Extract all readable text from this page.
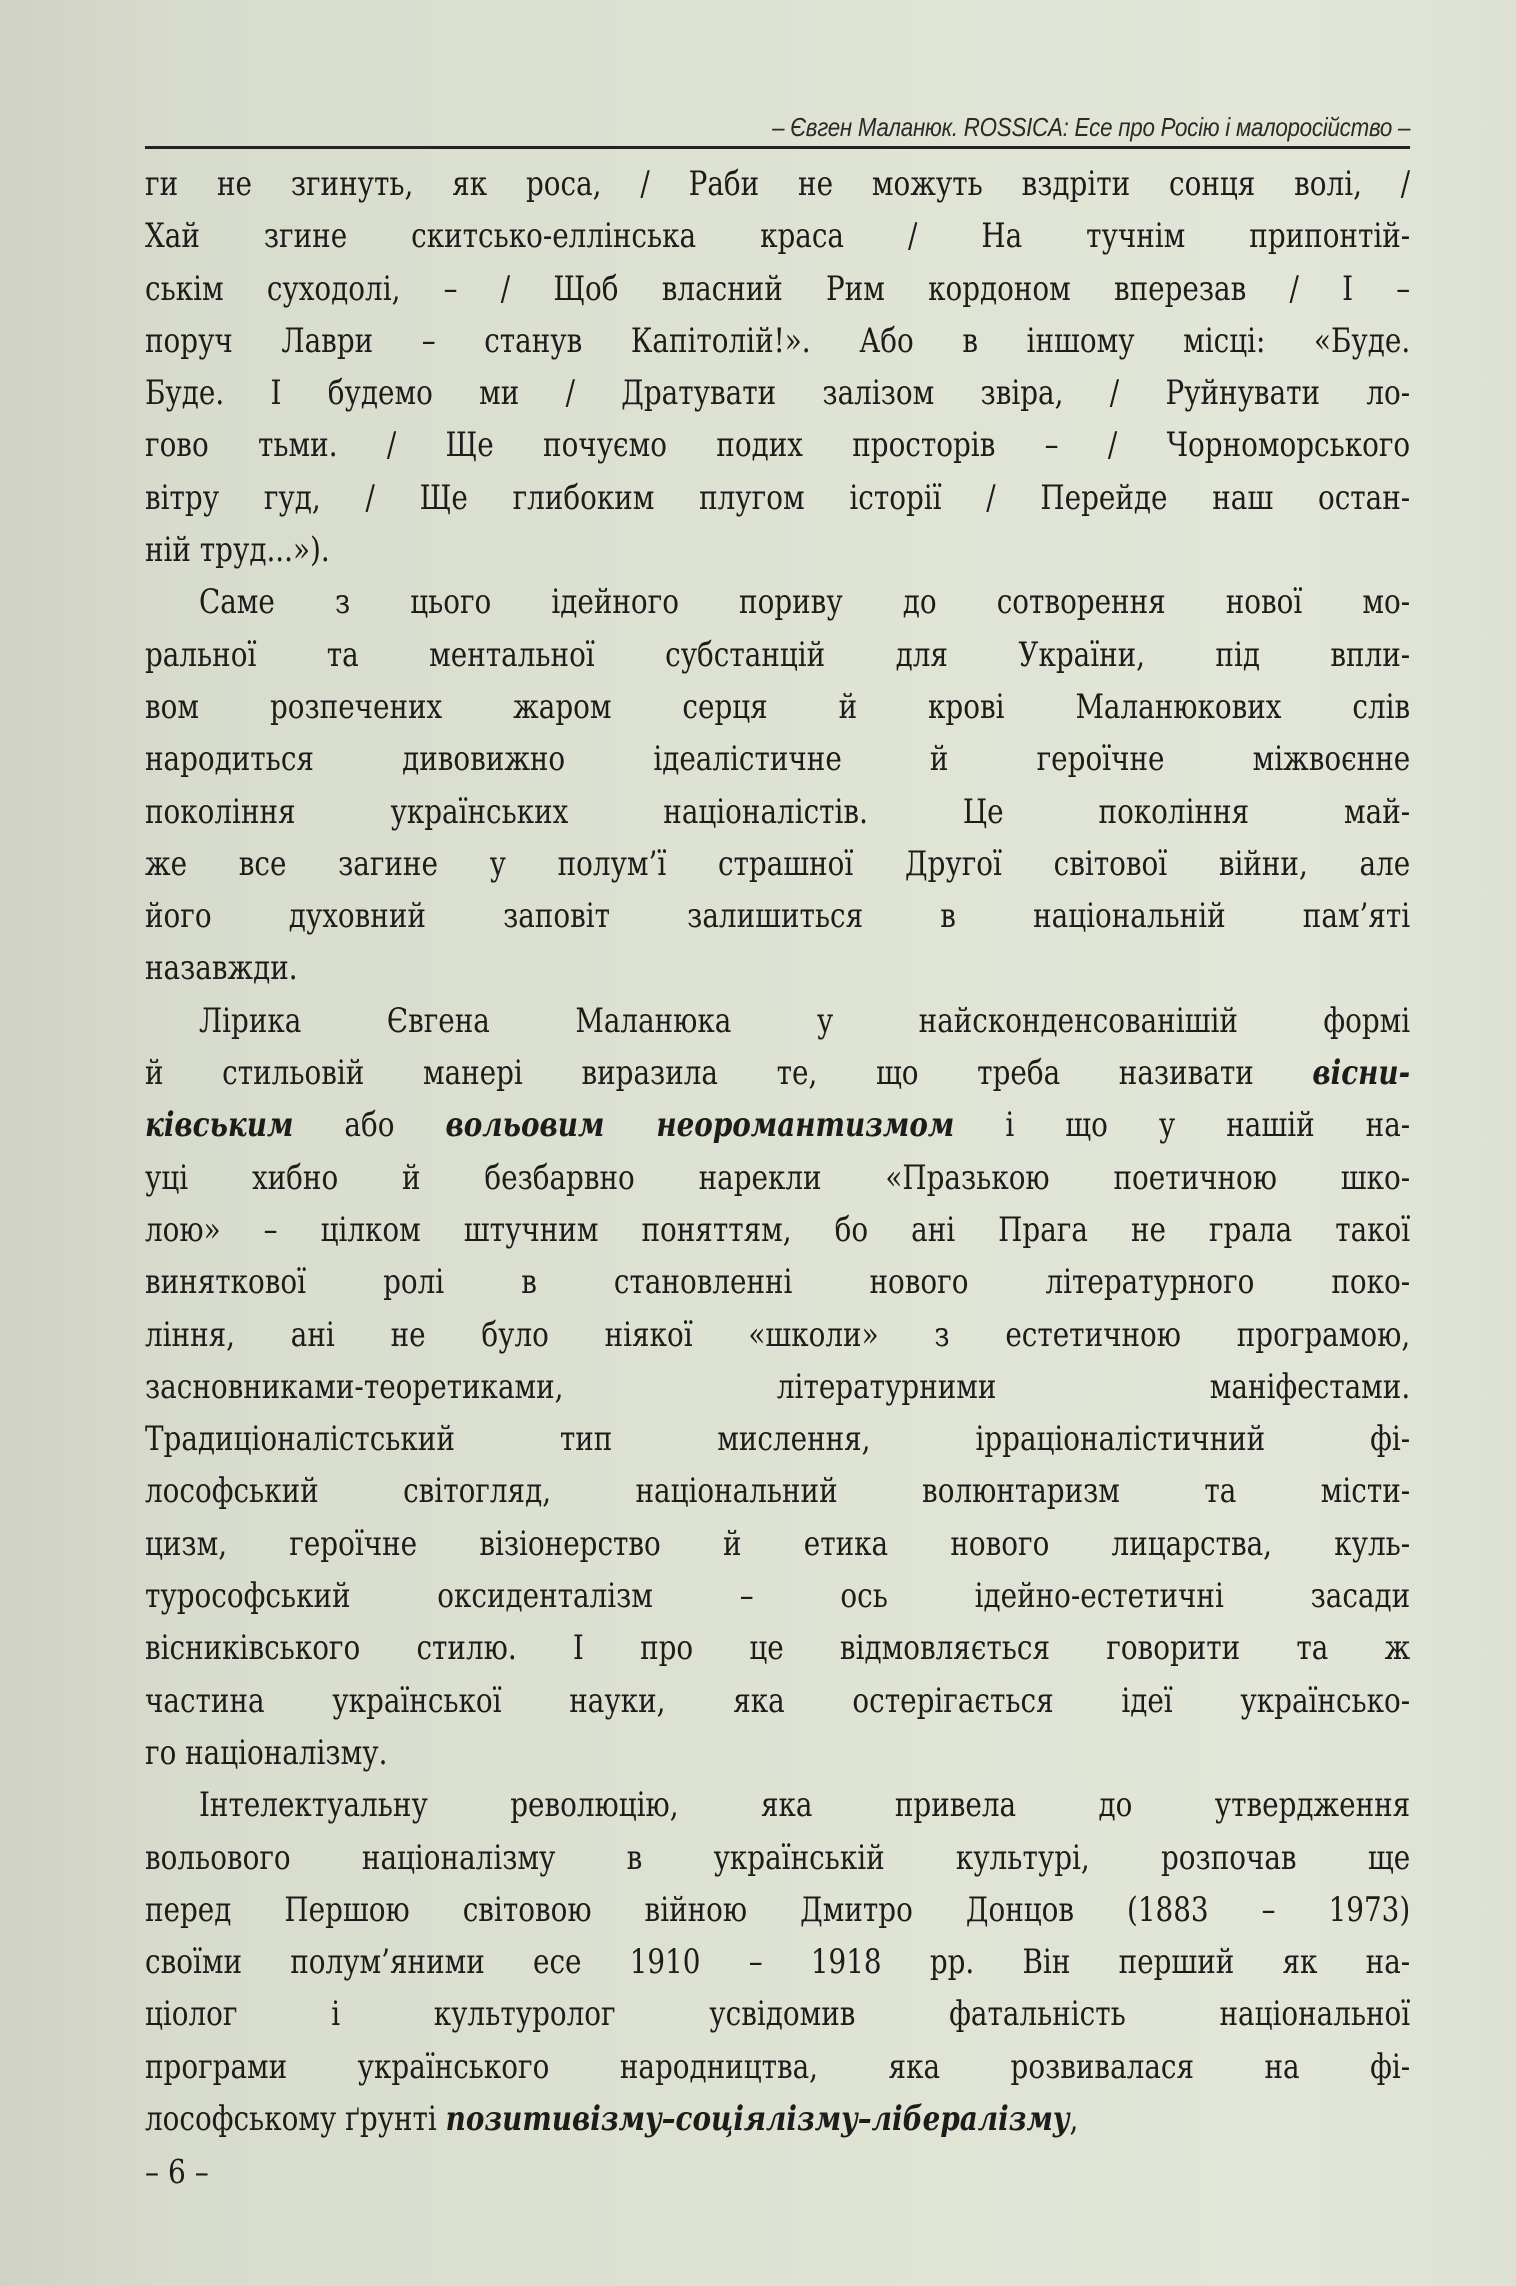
– Євген Маланюк. ROSSICA: Есе про Росію і малоросійство –
ги не згинуть, як роса, / Раби не можуть вздріти сонця волі, /
Хай згине скитсько-еллінська краса / На тучнім припонтій-
ськім суходолі, – / Щоб власний Рим кордоном вперезав / І –
поруч Лаври – станув Капітолій!». Або в іншому місці: «Буде.
Буде. І будемо ми / Дратувати залізом звіра, / Руйнувати ло-
гово тьми. / Ще почуємо подих просторів – / Чорноморського
вітру гуд, / Ще глибоким плугом історії / Перейде наш остан-
ній труд...»).
Саме з цього ідейного пориву до сотворення нової мо-
ральної та ментальної субстанцій для України, під впли-
вом розпечених жаром серця й крові Маланюкових слів
народиться дивовижно ідеалістичне й героїчне міжвоєнне
покоління українських націоналістів. Це покоління май-
же все загине у полум’ї страшної Другої світової війни, але
його духовний заповіт залишиться в національній пам’яті
назавжди.
Лірика Євгена Маланюка у найсконденсованішій формі
й стильовій манері виразила те, що треба називати вісни-
ківським або вольовим неоромантизмом і що у нашій на-
уці хибно й безбарвно нарекли «Празькою поетичною шко-
лою» – цілком штучним поняттям, бо ані Прага не грала такої
виняткової ролі в становленні нового літературного поко-
ління, ані не було ніякої «школи» з естетичною програмою,
засновниками-теоретиками, літературними маніфестами.
Традиціоналістський тип мислення, ірраціоналістичний фі-
лософський світогляд, національний волюнтаризм та місти-
цизм, героїчне візіонерство й етика нового лицарства, куль-
турософський оксиденталізм – ось ідейно-естетичні засади
вісниківського стилю. І про це відмовляється говорити та ж
частина української науки, яка остерігається ідеї українсько-
го націоналізму.
Інтелектуальну революцію, яка привела до утвердження
вольового націоналізму в українській культурі, розпочав ще
перед Першою світовою війною Дмитро Донцов (1883 – 1973)
своїми полум’яними есе 1910 – 1918 рр. Він перший як на-
ціолог і культуролог усвідомив фатальність національної
програми українського народництва, яка розвивалася на фі-
лософському ґрунті позитивізму–соціялізму–лібералізму,
– 6 –
